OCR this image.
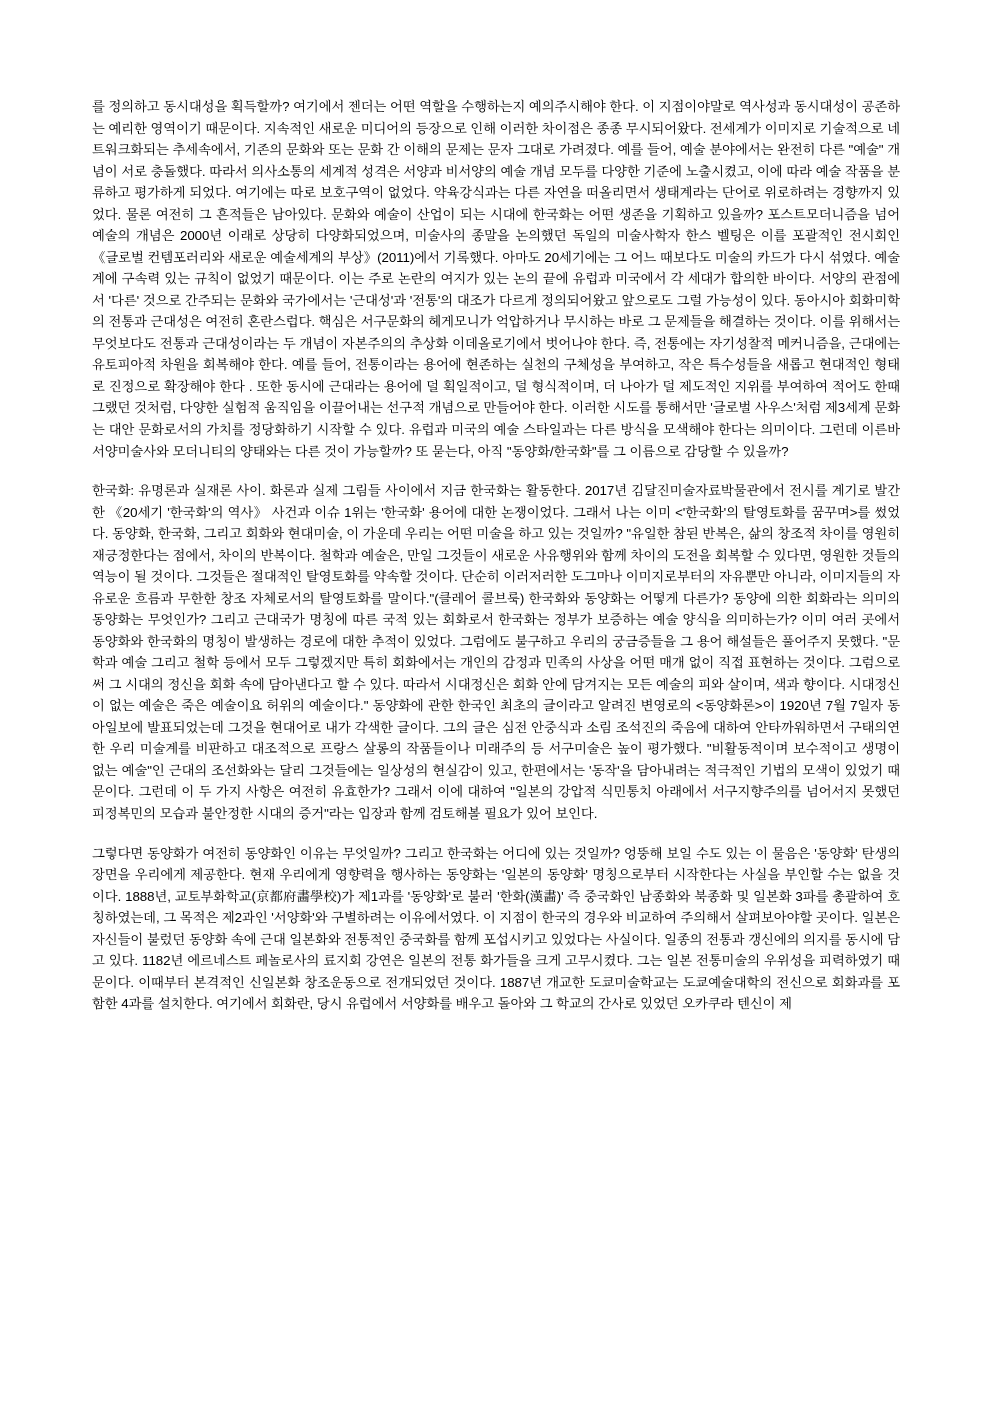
를 정의하고 동시대성을 획득할까? 여기에서 젠더는 어떤 역할을 수행하는지 예의주시해야 한다. 이 지점이야말로 역사성과 동시대성이 공존하는 예리한 영역이기 때문이다. 지속적인 새로운 미디어의 등장으로 인해 이러한 차이점은 종종 무시되어왔다. 전세계가 이미지로 기술적으로 네트워크화되는 추세속에서, 기존의 문화와 또는 문화 간 이해의 문제는 문자 그대로 가려졌다. 예를 들어, 예술 분야에서는 완전히 다른 "예술" 개념이 서로 충돌했다. 따라서 의사소통의 세계적 성격은 서양과 비서양의 예술 개념 모두를 다양한 기준에 노출시켰고, 이에 따라 예술 작품을 분류하고 평가하게 되었다. 여기에는 따로 보호구역이 없었다. 약육강식과는 다른 자연을 떠올리면서 생태계라는 단어로 위로하려는 경향까지 있었다. 물론 여전히 그 흔적들은 남아있다. 문화와 예술이 산업이 되는 시대에 한국화는 어떤 생존을 기획하고 있을까? 포스트모더니즘을 넘어 예술의 개념은 2000년 이래로 상당히 다양화되었으며, 미술사의 종말을 논의했던 독일의 미술사학자 한스 벨팅은 이를 포괄적인 전시회인 《글로벌 컨템포러리와 새로운 예술세계의 부상》(2011)에서 기록했다. 아마도 20세기에는 그 어느 때보다도 미술의 카드가 다시 섞였다. 예술계에 구속력 있는 규칙이 없었기 때문이다. 이는 주로 논란의 여지가 있는 논의 끝에 유럽과 미국에서 각 세대가 합의한 바이다. 서양의 관점에서 '다른' 것으로 간주되는 문화와 국가에서는 '근대성'과 '전통'의 대조가 다르게 정의되어왔고 앞으로도 그럴 가능성이 있다. 동아시아 회화미학의 전통과 근대성은 여전히 혼란스럽다. 핵심은 서구문화의 헤게모니가 억압하거나 무시하는 바로 그 문제들을 해결하는 것이다. 이를 위해서는 무엇보다도 전통과 근대성이라는 두 개념이 자본주의의 추상화 이데올로기에서 벗어나야 한다. 즉, 전통에는 자기성찰적 메커니즘을, 근대에는 유토피아적 차원을 회복해야 한다. 예를 들어, 전통이라는 용어에 현존하는 실천의 구체성을 부여하고, 작은 특수성들을 새롭고 현대적인 형태로 진정으로 확장해야 한다 . 또한 동시에 근대라는 용어에 덜 획일적이고, 덜 형식적이며, 더 나아가 덜 제도적인 지위를 부여하여 적어도 한때 그랬던 것처럼, 다양한 실험적 움직임을 이끌어내는 선구적 개념으로 만들어야 한다. 이러한 시도를 통해서만 '글로벌 사우스'처럼 제3세계 문화는 대안 문화로서의 가치를 정당화하기 시작할 수 있다. 유럽과 미국의 예술 스타일과는 다른 방식을 모색해야 한다는 의미이다. 그런데 이른바 서양미술사와 모더니티의 양태와는 다른 것이 가능할까? 또 묻는다, 아직 "동양화/한국화"를 그 이름으로 감당할 수 있을까?

한국화: 유명론과 실재론 사이. 화론과 실제 그림들 사이에서 지금 한국화는 활동한다. 2017년 김달진미술자료박물관에서 전시를 계기로 발간한 《20세기 '한국화'의 역사》 사건과 이슈 1위는 '한국화' 용어에 대한 논쟁이었다. 그래서 나는 이미 <'한국화'의 탈영토화를 꿈꾸며>를 썼었다. 동양화, 한국화, 그리고 회화와 현대미술, 이 가운데 우리는 어떤 미술을 하고 있는 것일까? "유일한 참된 반복은, 삶의 창조적 차이를 영원히 재긍정한다는 점에서, 차이의 반복이다. 철학과 예술은, 만일 그것들이 새로운 사유행위와 함께 차이의 도전을 회복할 수 있다면, 영원한 것들의 역능이 될 것이다. 그것들은 절대적인 탈영토화를 약속할 것이다. 단순히 이러저러한 도그마나 이미지로부터의 자유뿐만 아니라, 이미지들의 자유로운 흐름과 무한한 창조 자체로서의 탈영토화를 말이다."(클레어 콜브룩) 한국화와 동양화는 어떻게 다른가? 동양에 의한 회화라는 의미의 동양화는 무엇인가? 그리고 근대국가 명칭에 따른 국적 있는 회화로서 한국화는 정부가 보증하는 예술 양식을 의미하는가? 이미 여러 곳에서 동양화와 한국화의 명칭이 발생하는 경로에 대한 추적이 있었다. 그럼에도 불구하고 우리의 궁금증들을 그 용어 해설들은 풀어주지 못했다. "문학과 예술 그리고 철학 등에서 모두 그렇겠지만 특히 회화에서는 개인의 감정과 민족의 사상을 어떤 매개 없이 직접 표현하는 것이다. 그럼으로써 그 시대의 정신을 회화 속에 담아낸다고 할 수 있다. 따라서 시대정신은 회화 안에 담겨지는 모든 예술의 피와 살이며, 색과 향이다. 시대정신이 없는 예술은 죽은 예술이요 허위의 예술이다." 동양화에 관한 한국인 최초의 글이라고 알려진 변영로의 <동양화론>이 1920년 7월 7일자 동아일보에 발표되었는데 그것을 현대어로 내가 각색한 글이다. 그의 글은 심전 안중식과 소림 조석진의 죽음에 대하여 안타까워하면서 구태의연한 우리 미술계를 비판하고 대조적으로 프랑스 살롱의 작품들이나 미래주의 등 서구미술은 높이 평가했다. "비활동적이며 보수적이고 생명이 없는 예술"인 근대의 조선화와는 달리 그것들에는 일상성의 현실감이 있고, 한편에서는 '동작'을 담아내려는 적극적인 기법의 모색이 있었기 때문이다. 그런데 이 두 가지 사항은 여전히 유효한가? 그래서 이에 대하여 "일본의 강압적 식민통치 아래에서 서구지향주의를 넘어서지 못했던 피정복민의 모습과 불안정한 시대의 증거"라는 입장과 함께 검토해볼 필요가 있어 보인다.

그렇다면 동양화가 여전히 동양화인 이유는 무엇일까? 그리고 한국화는 어디에 있는 것일까? 엉뚱해 보일 수도 있는 이 물음은 '동양화' 탄생의 장면을 우리에게 제공한다. 현재 우리에게 영향력을 행사하는 동양화는 '일본의 동양화' 명칭으로부터 시작한다는 사실을 부인할 수는 없을 것이다. 1888년, 교토부화학교(京都府畵學校)가 제1과를 '동양화'로 불러 '한화(漢畵)' 즉 중국화인 남종화와 북종화 및 일본화 3파를 총괄하여 호칭하였는데, 그 목적은 제2과인 '서양화'와 구별하려는 이유에서였다. 이 지점이 한국의 경우와 비교하여 주의해서 살펴보아야할 곳이다. 일본은 자신들이 불렀던 동양화 속에 근대 일본화와 전통적인 중국화를 함께 포섭시키고 있었다는 사실이다. 일종의 전통과 갱신에의 의지를 동시에 담고 있다. 1182년 에르네스트 페놀로사의 료지회 강연은 일본의 전통 화가들을 크게 고무시켰다. 그는 일본 전통미술의 우위성을 피력하였기 때문이다. 이때부터 본격적인 신일본화 창조운동으로 전개되었던 것이다. 1887년 개교한 도쿄미술학교는 도쿄예술대학의 전신으로 회화과를 포함한 4과를 설치한다. 여기에서 회화란, 당시 유럽에서 서양화를 배우고 돌아와 그 학교의 간사로 있었던 오카쿠라 텐신이 제
